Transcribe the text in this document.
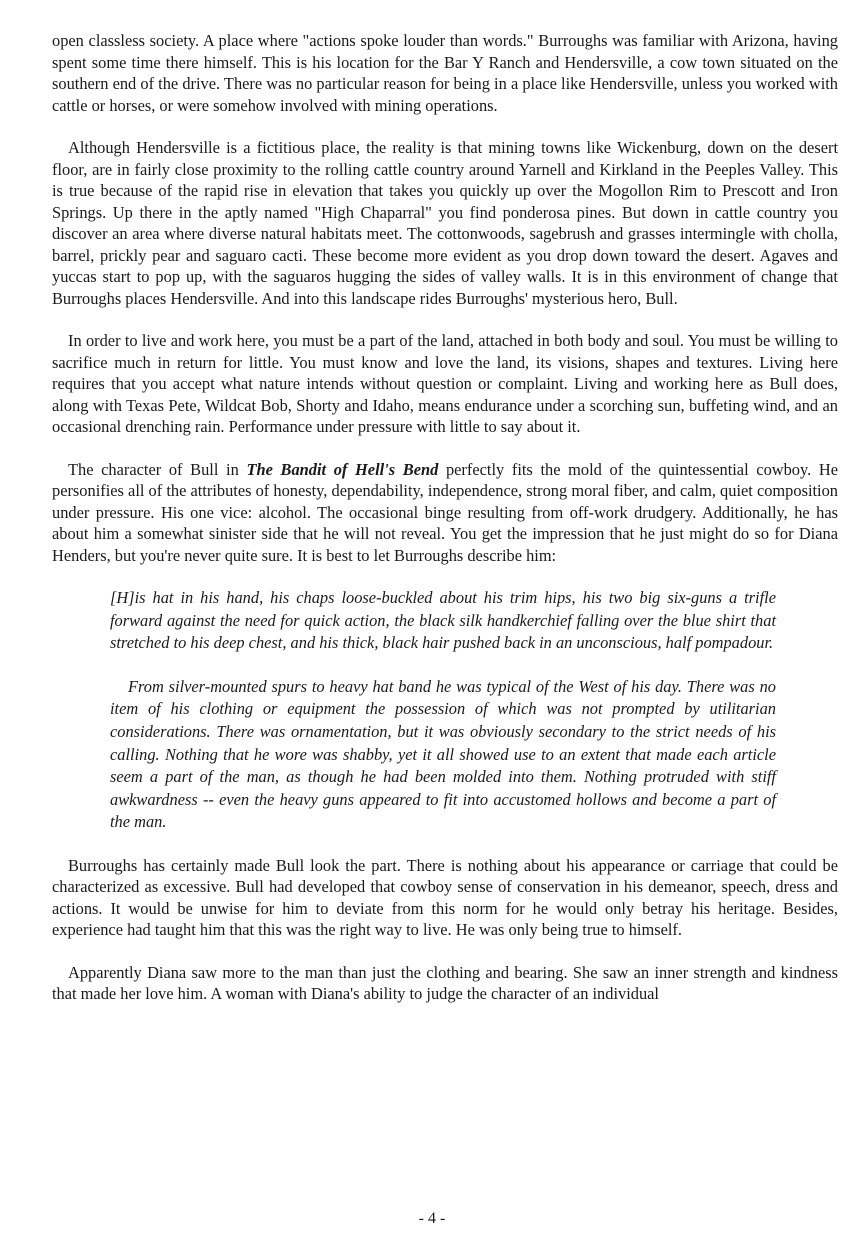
open classless society. A place where "actions spoke louder than words." Burroughs was familiar with Arizona, having spent some time there himself. This is his location for the Bar Y Ranch and Hendersville, a cow town situated on the southern end of the drive. There was no particular reason for being in a place like Hendersville, unless you worked with cattle or horses, or were somehow involved with mining operations.

Although Hendersville is a fictitious place, the reality is that mining towns like Wickenburg, down on the desert floor, are in fairly close proximity to the rolling cattle country around Yarnell and Kirkland in the Peeples Valley. This is true because of the rapid rise in elevation that takes you quickly up over the Mogollon Rim to Prescott and Iron Springs. Up there in the aptly named "High Chaparral" you find ponderosa pines. But down in cattle country you discover an area where diverse natural habitats meet. The cottonwoods, sagebrush and grasses intermingle with cholla, barrel, prickly pear and saguaro cacti. These become more evident as you drop down toward the desert. Agaves and yuccas start to pop up, with the saguaros hugging the sides of valley walls. It is in this environment of change that Burroughs places Hendersville. And into this landscape rides Burroughs' mysterious hero, Bull.

In order to live and work here, you must be a part of the land, attached in both body and soul. You must be willing to sacrifice much in return for little. You must know and love the land, its visions, shapes and textures. Living here requires that you accept what nature intends without question or complaint. Living and working here as Bull does, along with Texas Pete, Wildcat Bob, Shorty and Idaho, means endurance under a scorching sun, buffeting wind, and an occasional drenching rain. Performance under pressure with little to say about it.

The character of Bull in The Bandit of Hell's Bend perfectly fits the mold of the quintessential cowboy. He personifies all of the attributes of honesty, dependability, independence, strong moral fiber, and calm, quiet composition under pressure. His one vice: alcohol. The occasional binge resulting from off-work drudgery. Additionally, he has about him a somewhat sinister side that he will not reveal. You get the impression that he just might do so for Diana Henders, but you're never quite sure. It is best to let Burroughs describe him:

[H]is hat in his hand, his chaps loose-buckled about his trim hips, his two big six-guns a trifle forward against the need for quick action, the black silk handkerchief falling over the blue shirt that stretched to his deep chest, and his thick, black hair pushed back in an unconscious, half pompadour.

From silver-mounted spurs to heavy hat band he was typical of the West of his day. There was no item of his clothing or equipment the possession of which was not prompted by utilitarian considerations. There was ornamentation, but it was obviously secondary to the strict needs of his calling. Nothing that he wore was shabby, yet it all showed use to an extent that made each article seem a part of the man, as though he had been molded into them. Nothing protruded with stiff awkwardness -- even the heavy guns appeared to fit into accustomed hollows and become a part of the man.

Burroughs has certainly made Bull look the part. There is nothing about his appearance or carriage that could be characterized as excessive. Bull had developed that cowboy sense of conservation in his demeanor, speech, dress and actions. It would be unwise for him to deviate from this norm for he would only betray his heritage. Besides, experience had taught him that this was the right way to live. He was only being true to himself.

Apparently Diana saw more to the man than just the clothing and bearing. She saw an inner strength and kindness that made her love him. A woman with Diana's ability to judge the character of an individual

- 4 -
